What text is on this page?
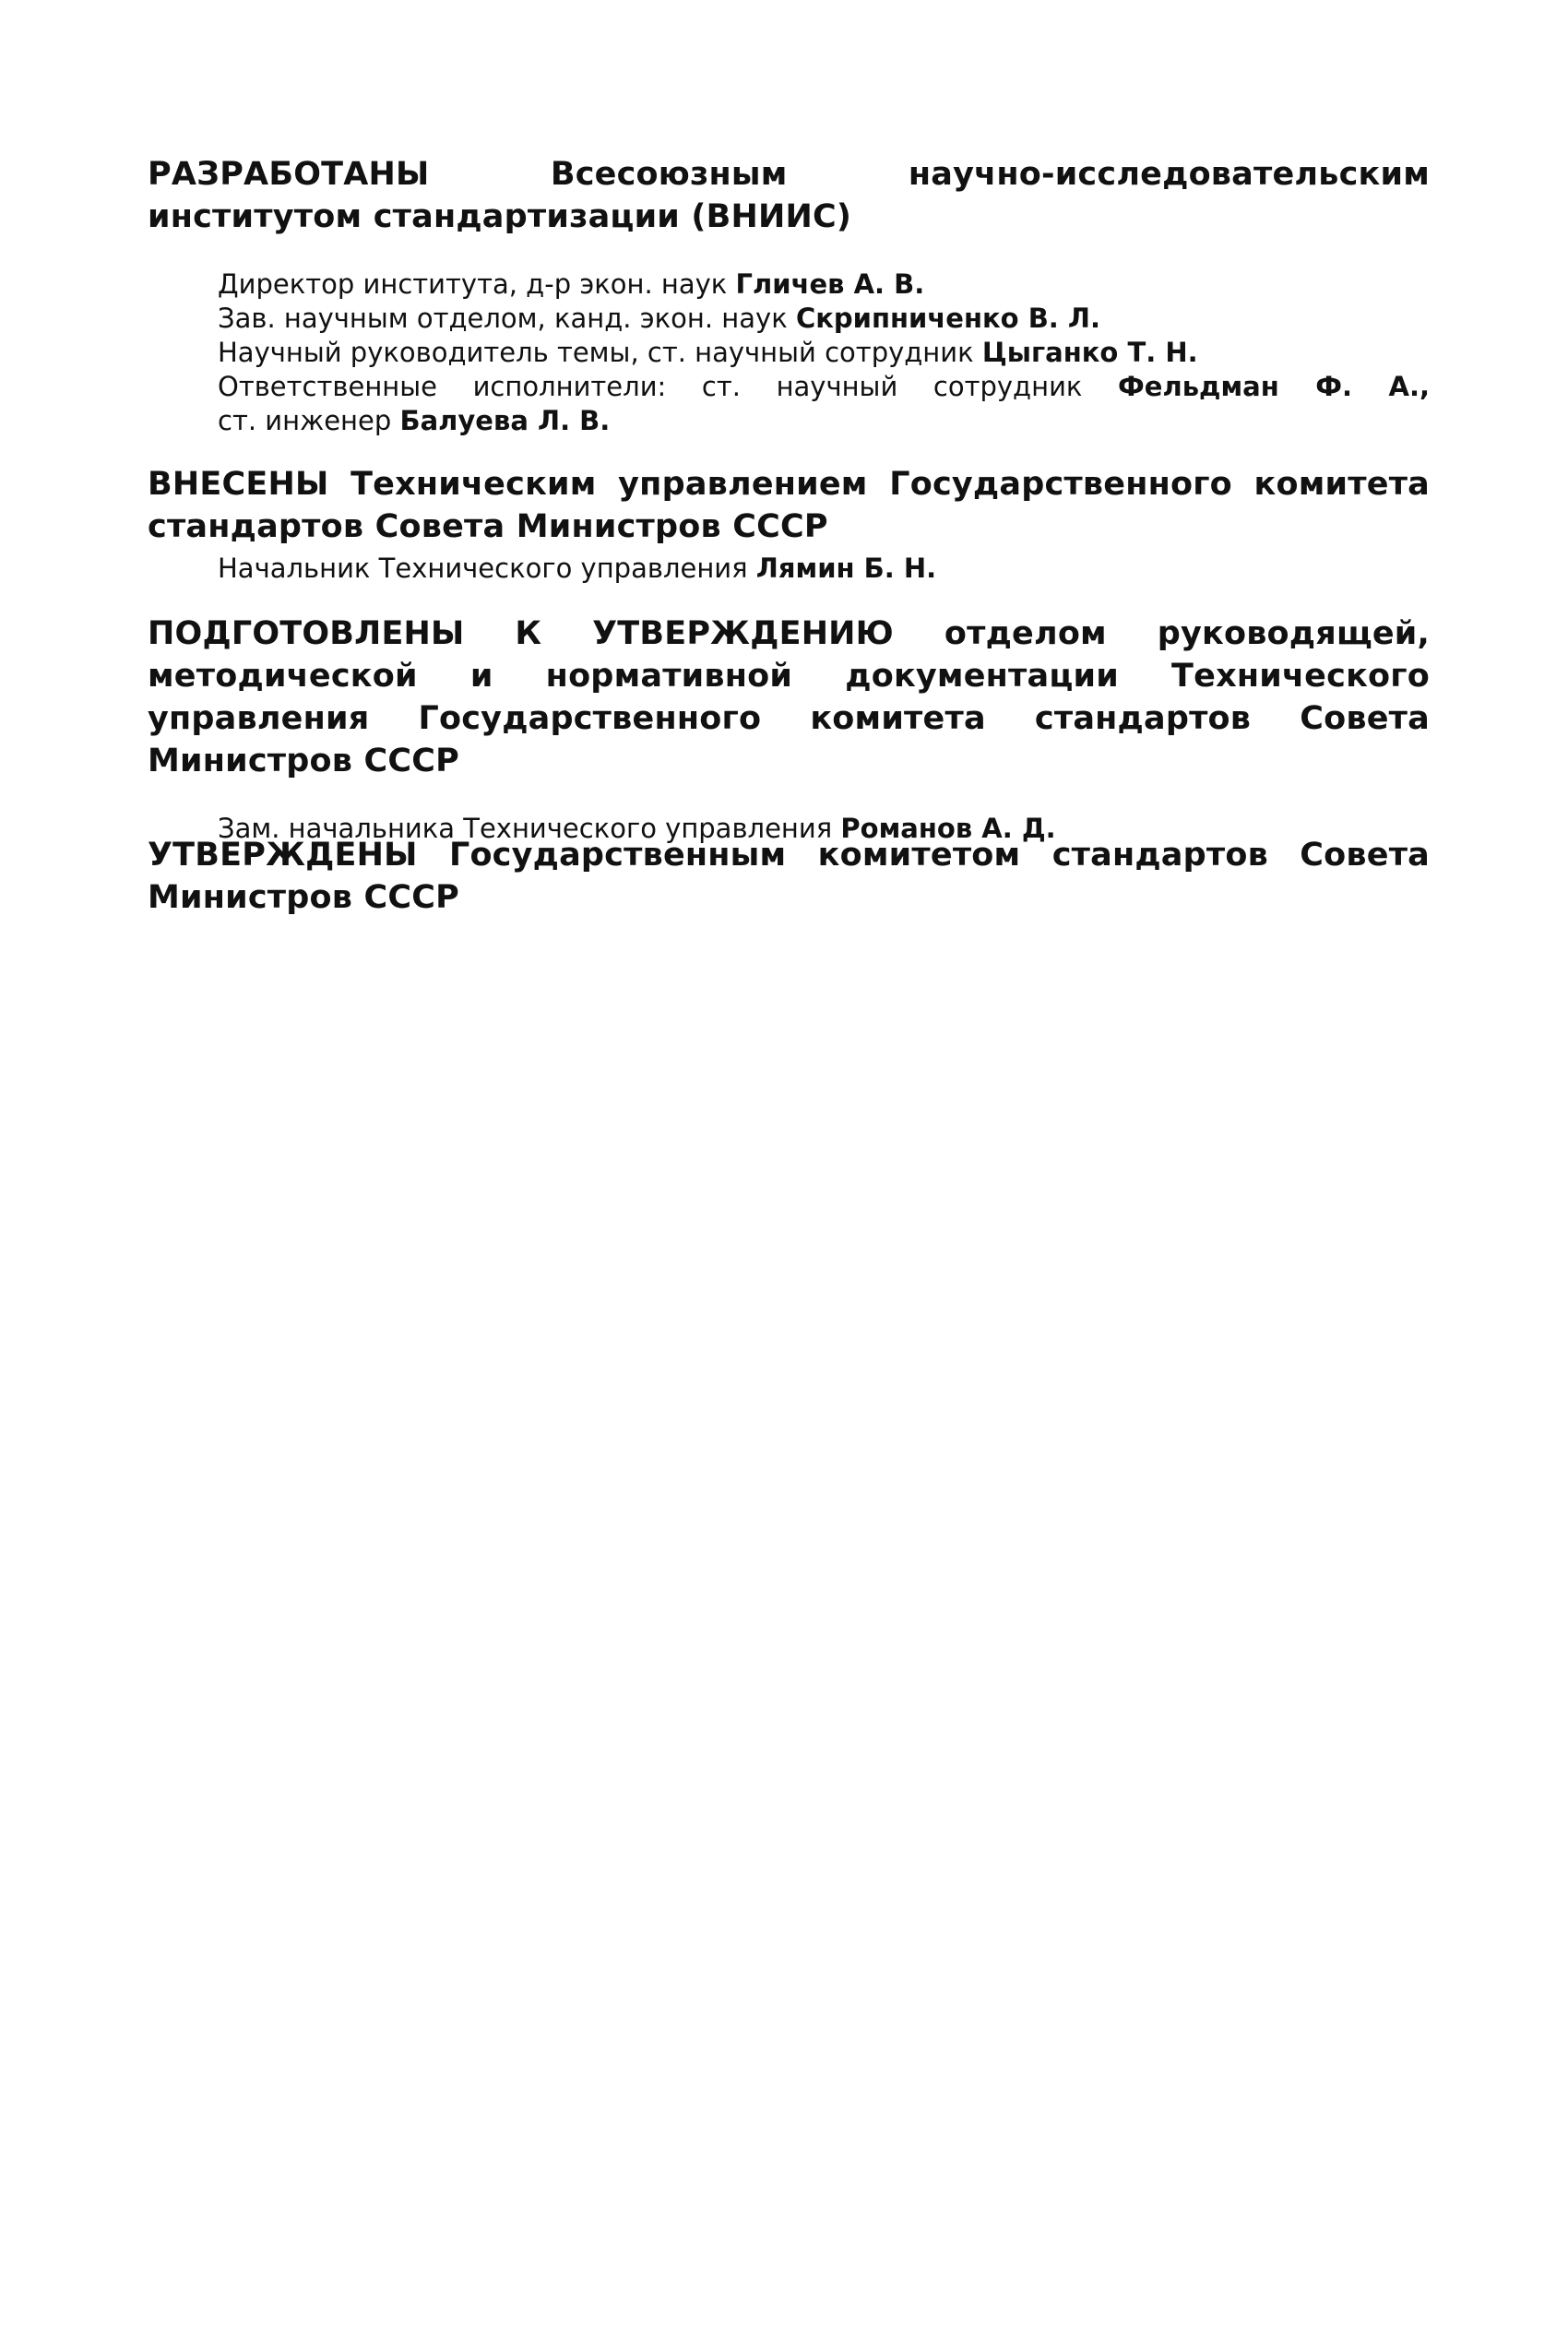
РАЗРАБОТАНЫ	Всесоюзным научно-исследовательским институтом стандартизации (ВНИИС)

Директор института, д-р экон. наук Гличев А. В.
Зав. научным отделом, канд. экон. наук Скрипниченко В. Л.
Научный руководитель темы, ст. научный сотрудник Цыганко Т. Н.
Ответственные исполнители: ст. научный сотрудник Фельдман Ф. А.,
ст. инженер Балуева Л. В.

ВНЕСЕНЫ Техническим управлением Государственного комитета стандартов Совета Министров СССР

Начальник Технического управления Лямин Б. Н.

ПОДГОТОВЛЕНЫ К УТВЕРЖДЕНИЮ отделом руководящей, методической и нормативной документации Технического управления Государственного комитета стандартов Совета Министров СССР

Зам. начальника Технического управления Романов А. Д.

УТВЕРЖДЕНЫ Государственным комитетом стандартов Совета Министров СССР
